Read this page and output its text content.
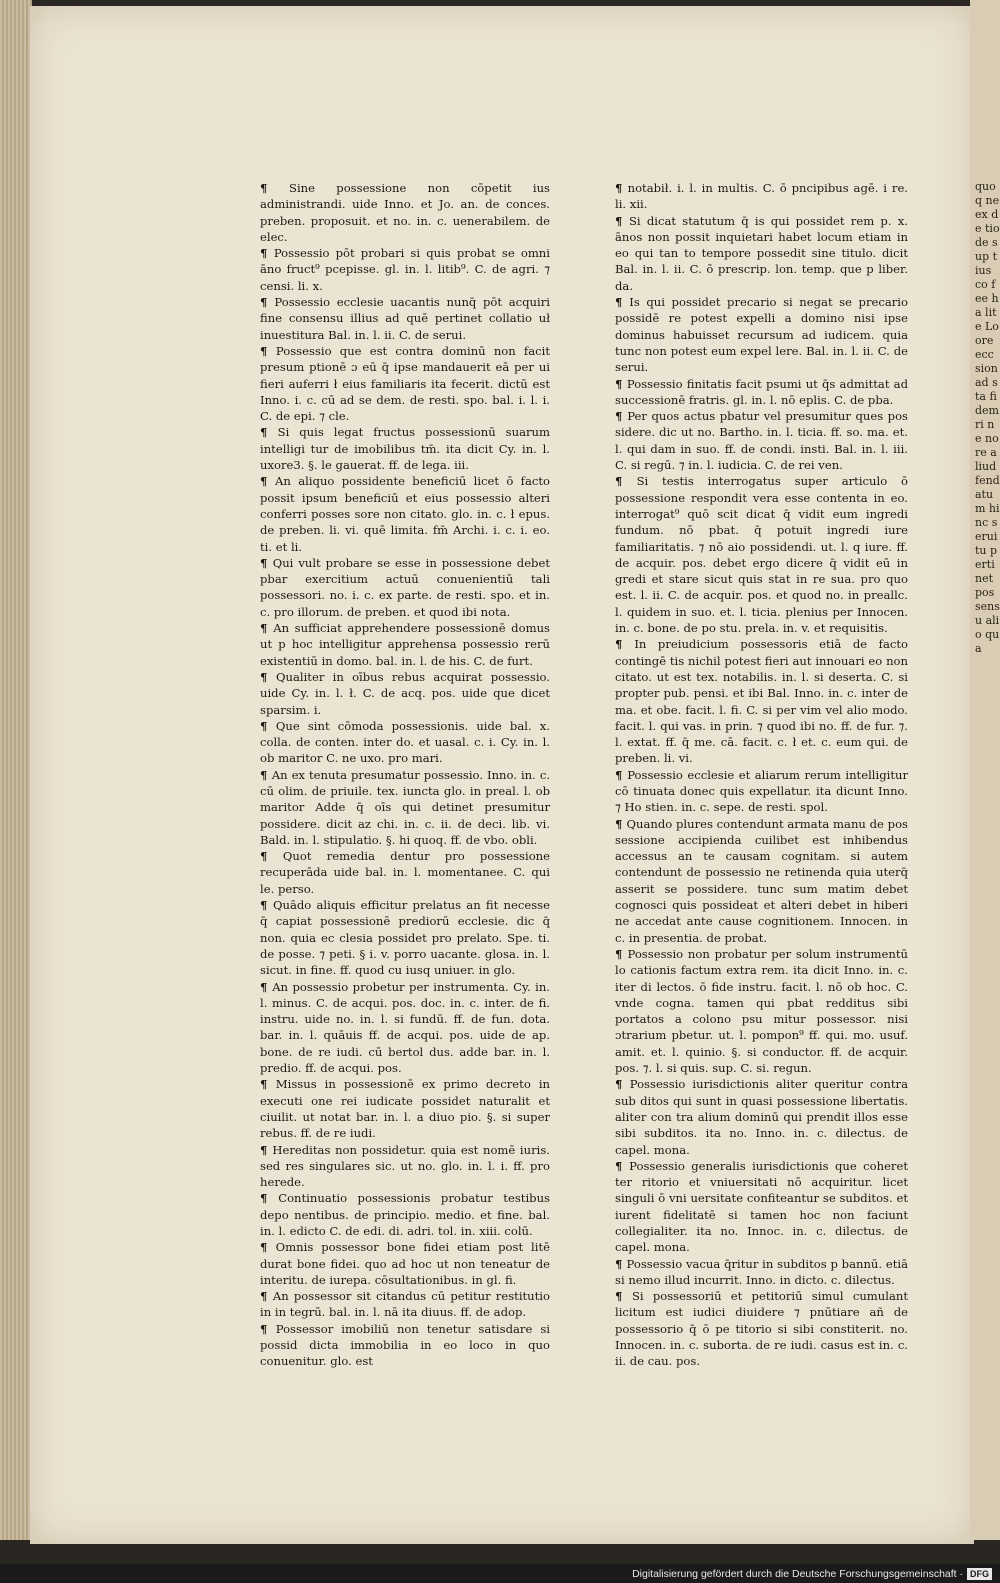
quoq ne ex de tio de sup tius co fee ha lite Lo ore ecc sion ad sta fidem ri ne no re aliud fendatum hinc seruitu pertinet pos sensu alio qua

¶ Sine possessione non cōpetit ius administrandi. uide Inno. et Jo. an. de conces. preben. proposuit. et no. in. c. uenerabilem. de elec.

¶ Possessio pōt probari si quis probat se omni āno fruct⁹ pcepisse. gl. in. l. litib⁹. C. de agri. ⁊ censi. li. x.

¶ Possessio ecclesie uacantis nunq̄ pōt acquiri fine consensu illius ad quē pertinet collatio uł inuestitura Bal. in. l. ii. C. de serui.

¶ Possessio que est contra dominū non facit presum ptionē ɔ eū q̄ ipse mandauerit eā per ui fieri auferri ł eius familiaris ita fecerit. dictū est Inno. i. c. cū ad se dem. de resti. spo. bal. i. l. i. C. de epi. ⁊ cle.

¶ Si quis legat fructus possessionū suarum intelligi tur de imobilibus tm̄. ita dicit Cy. in. l. uxore3. §. le gauerat. ff. de lega. iii.

¶ An aliquo possidente beneficiū licet ō facto possit ipsum beneficiū et eius possessio alteri conferri posses sore non citato. glo. in. c. ł epus. de preben. li. vi. quē limita. fm̄ Archi. i. c. i. eo. ti. et li.

¶ Qui vult probare se esse in possessione debet pbar exercitium actuū conuenientiū tali possessori. no. i. c. ex parte. de resti. spo. et in. c. pro illorum. de preben. et quod ibi nota.

¶ An sufficiat apprehendere possessionē domus ut p hoc intelligitur apprehensa possessio rerū existentiū in domo. bal. in. l. de his. C. de furt.

¶ Qualiter in oībus rebus acquirat possessio. uide Cy. in. l. ł. C. de acq. pos. uide que dicet sparsim. i.

¶ Que sint cōmoda possessionis. uide bal. x. colla. de conten. inter do. et uasal. c. i. Cy. in. l. ob maritor C. ne uxo. pro mari.

¶ An ex tenuta presumatur possessio. Inno. in. c. cū olim. de priuile. tex. iuncta glo. in preal. l. ob maritor Adde q̄ oīs qui detinet presumitur possidere. dicit az chi. in. c. ii. de deci. lib. vi. Bald. in. l. stipulatio. §. hi quoq. ff. de vbo. obli.

¶ Quot remedia dentur pro possessione recuperāda uide bal. in. l. momentanee. C. qui le. perso.

¶ Quādo aliquis efficitur prelatus an fit necesse q̄ capiat possessionē prediorū ecclesie. dic q̄ non. quia ec clesia possidet pro prelato. Spe. ti. de posse. ⁊ peti. § i. v. porro uacante. glosa. in. l. sicut. in fine. ff. quod cu iusq uniuer. in glo.

¶ An possessio probetur per instrumenta. Cy. in. l. minus. C. de acqui. pos. doc. in. c. inter. de fi. instru. uide no. in. l. si fundū. ff. de fun. dota. bar. in. l. quāuis ff. de acqui. pos. uide de ap. bone. de re iudi. cū bertol dus. adde bar. in. l. predio. ff. de acqui. pos.

¶ Missus in possessionē ex primo decreto in executi one rei iudicate possidet naturalit et ciuilit. ut notat bar. in. l. a diuo pio. §. si super rebus. ff. de re iudi.

¶ Hereditas non possidetur. quia est nomē iuris. sed res singulares sic. ut no. glo. in. l. i. ff. pro herede.

¶ Continuatio possessionis probatur testibus depo nentibus. de principio. medio. et fine. bal. in. l. edicto C. de edi. di. adri. tol. in. xiii. colū.

¶ Omnis possessor bone fidei etiam post litē durat bone fidei. quo ad hoc ut non teneatur de interitu. de iurepa. cōsultationibus. in gl. fi.

¶ An possessor sit citandus cū petitur restitutio in in tegrū. bal. in. l. nā ita diuus. ff. de adop.

¶ Possessor imobiliū non tenetur satisdare si possid dicta immobilia in eo loco in quo conuenitur. glo. est

¶ notabił. i. l. in multis. C. ō pncipibus agē. i re. li. xii.

¶ Si dicat statutum q̄ is qui possidet rem p. x. ānos non possit inquietari habet locum etiam in eo qui tan to tempore possedit sine titulo. dicit Bal. in. l. ii. C. ō prescrip. lon. temp. que p liber. da.

¶ Is qui possidet precario si negat se precario possidē re potest expelli a domino nisi ipse dominus habuisset recursum ad iudicem. quia tunc non potest eum expel lere. Bal. in. l. ii. C. de serui.

¶ Possessio finitatis facit psumi ut q̄s admittat ad successionē fratris. gl. in. l. nō eplis. C. de pba.

¶ Per quos actus pbatur vel presumitur ques pos sidere. dic ut no. Bartho. in. l. ticia. ff. so. ma. et. l. qui dam in suo. ff. de condi. insti. Bal. in. l. iii. C. si regū. ⁊ in. l. iudicia. C. de rei ven.

¶ Si testis interrogatus super articulo ō possessione respondit vera esse contenta in eo. interrogat⁹ quō scit dicat q̄ vidit eum ingredi fundum. nō pbat. q̄ potuit ingredi iure familiaritatis. ⁊ nō aio possidendi. ut. l. q iure. ff. de acquir. pos. debet ergo dicere q̄ vidit eū in gredi et stare sicut quis stat in re sua. pro quo est. l. ii. C. de acquir. pos. et quod no. in preallc. l. quidem in suo. et. l. ticia. plenius per Innocen. in. c. bone. de po stu. prela. in. v. et requisitis.

¶ In preiudicium possessoris etiā de facto contingē tis nichil potest fieri aut innouari eo non citato. ut est tex. notabilis. in. l. si deserta. C. si propter pub. pensi. et ibi Bal. Inno. in. c. inter de ma. et obe. facit. l. fi. C. si per vim vel alio modo. facit. l. qui vas. in prin. ⁊ quod ibi no. ff. de fur. ⁊. l. extat. ff. q̄ me. cā. facit. c. ł et. c. eum qui. de preben. li. vi.

¶ Possessio ecclesie et aliarum rerum intelligitur cō tinuata donec quis expellatur. ita dicunt Inno. ⁊ Ho stien. in. c. sepe. de resti. spol.

¶ Quando plures contendunt armata manu de pos sessione accipienda cuilibet est inhibendus accessus an te causam cognitam. si autem contendunt de possessio ne retinenda quia uterq̄ asserit se possidere. tunc sum matim debet cognosci quis possideat et alteri debet in hiberi ne accedat ante cause cognitionem. Innocen. in c. in presentia. de probat.

¶ Possessio non probatur per solum instrumentū lo cationis factum extra rem. ita dicit Inno. in. c. iter di lectos. ō fide instru. facit. l. nō ob hoc. C. vnde cogna. tamen qui pbat redditus sibi portatos a colono psu mitur possessor. nisi ɔtrarium pbetur. ut. l. pompon⁹ ff. qui. mo. usuf. amit. et. l. quinio. §. si conductor. ff. de acquir. pos. ⁊. l. si quis. sup. C. si. regun.

¶ Possessio iurisdictionis aliter queritur contra sub ditos qui sunt in quasi possessione libertatis. aliter con tra alium dominū qui prendit illos esse sibi subditos. ita no. Inno. in. c. dilectus. de capel. mona.

¶ Possessio generalis iurisdictionis que coheret ter ritorio et vniuersitati nō acquiritur. licet singuli ō vni uersitate confiteantur se subditos. et iurent fidelitatē si tamen hoc non faciunt collegialiter. ita no. Innoc. in. c. dilectus. de capel. mona.

¶ Possessio vacua q̄ritur in subditos p bannū. etiā si nemo illud incurrit. Inno. in dicto. c. dilectus.

¶ Si possessoriū et petitoriū simul cumulant licitum est iudici diuidere ⁊ pnūtiare añ de possessorio q̄ ō pe titorio si sibi constiterit. no. Innocen. in. c. suborta. de re iudi. casus est in. c. ii. de cau. pos.

Digitalisierung gefördert durch die Deutsche Forschungsgemeinschaft · DFG
